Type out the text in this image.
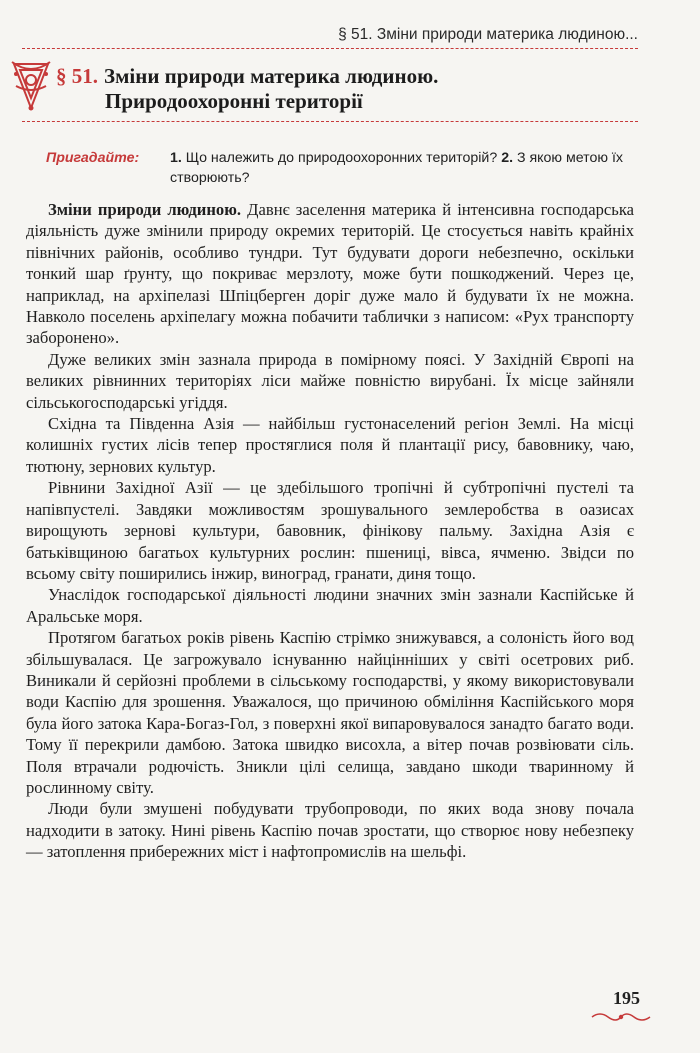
§ 51. Зміни природи материка людиною...
§ 51. Зміни природи материка людиною.
Природоохоронні території
Пригадайте: 1. Що належить до природоохоронних територій? 2. З якою метою їх створюють?

Зміни природи людиною. Давнє заселення материка й інтенсивна господарська діяльність дуже змінили природу окремих територій. Це стосується навіть крайніх північних районів, особливо тундри. Тут будувати дороги небезпечно, оскільки тонкий шар ґрунту, що покриває мерзлоту, може бути пошкоджений. Через це, наприклад, на архіпелазі Шпіцберген доріг дуже мало й будувати їх не можна. Навколо поселень архіпелагу можна побачити таблички з написом: «Рух транспорту заборонено».

Дуже великих змін зазнала природа в помірному поясі. У Західній Європі на великих рівнинних територіях ліси майже повністю вирубані. Їх місце зайняли сільськогосподарські угіддя.

Східна та Південна Азія — найбільш густонаселений регіон Землі. На місці колишніх густих лісів тепер простяглися поля й плантації рису, бавовнику, чаю, тютюну, зернових культур.

Рівнини Західної Азії — це здебільшого тропічні й субтропічні пустелі та напівпустелі. Завдяки можливостям зрошувального землеробства в оазисах вирощують зернові культури, бавовник, фінікову пальму. Західна Азія є батьківщиною багатьох культурних рослин: пшениці, вівса, ячменю. Звідси по всьому світу поширились інжир, виноград, гранати, диня тощо.

Унаслідок господарської діяльності людини значних змін зазнали Каспійське й Аральське моря.

Протягом багатьох років рівень Каспію стрімко знижувався, а солоність його вод збільшувалася. Це загрожувало існуванню найцінніших у світі осетрових риб. Виникали й серйозні проблеми в сільському господарстві, у якому використовували води Каспію для зрошення. Уважалося, що причиною обміління Каспійського моря була його затока Кара-Богаз-Гол, з поверхні якої випаровувалося занадто багато води. Тому її перекрили дамбою. Затока швидко висохла, а вітер почав розвіювати сіль. Поля втрачали родючість. Зникли цілі селища, завдано шкоди тваринному й рослинному світу.

Люди були змушені побудувати трубопроводи, по яких вода знову почала надходити в затоку. Нині рівень Каспію почав зростати, що створює нову небезпеку — затоплення прибережних міст і нафтопромислів на шельфі.

195
